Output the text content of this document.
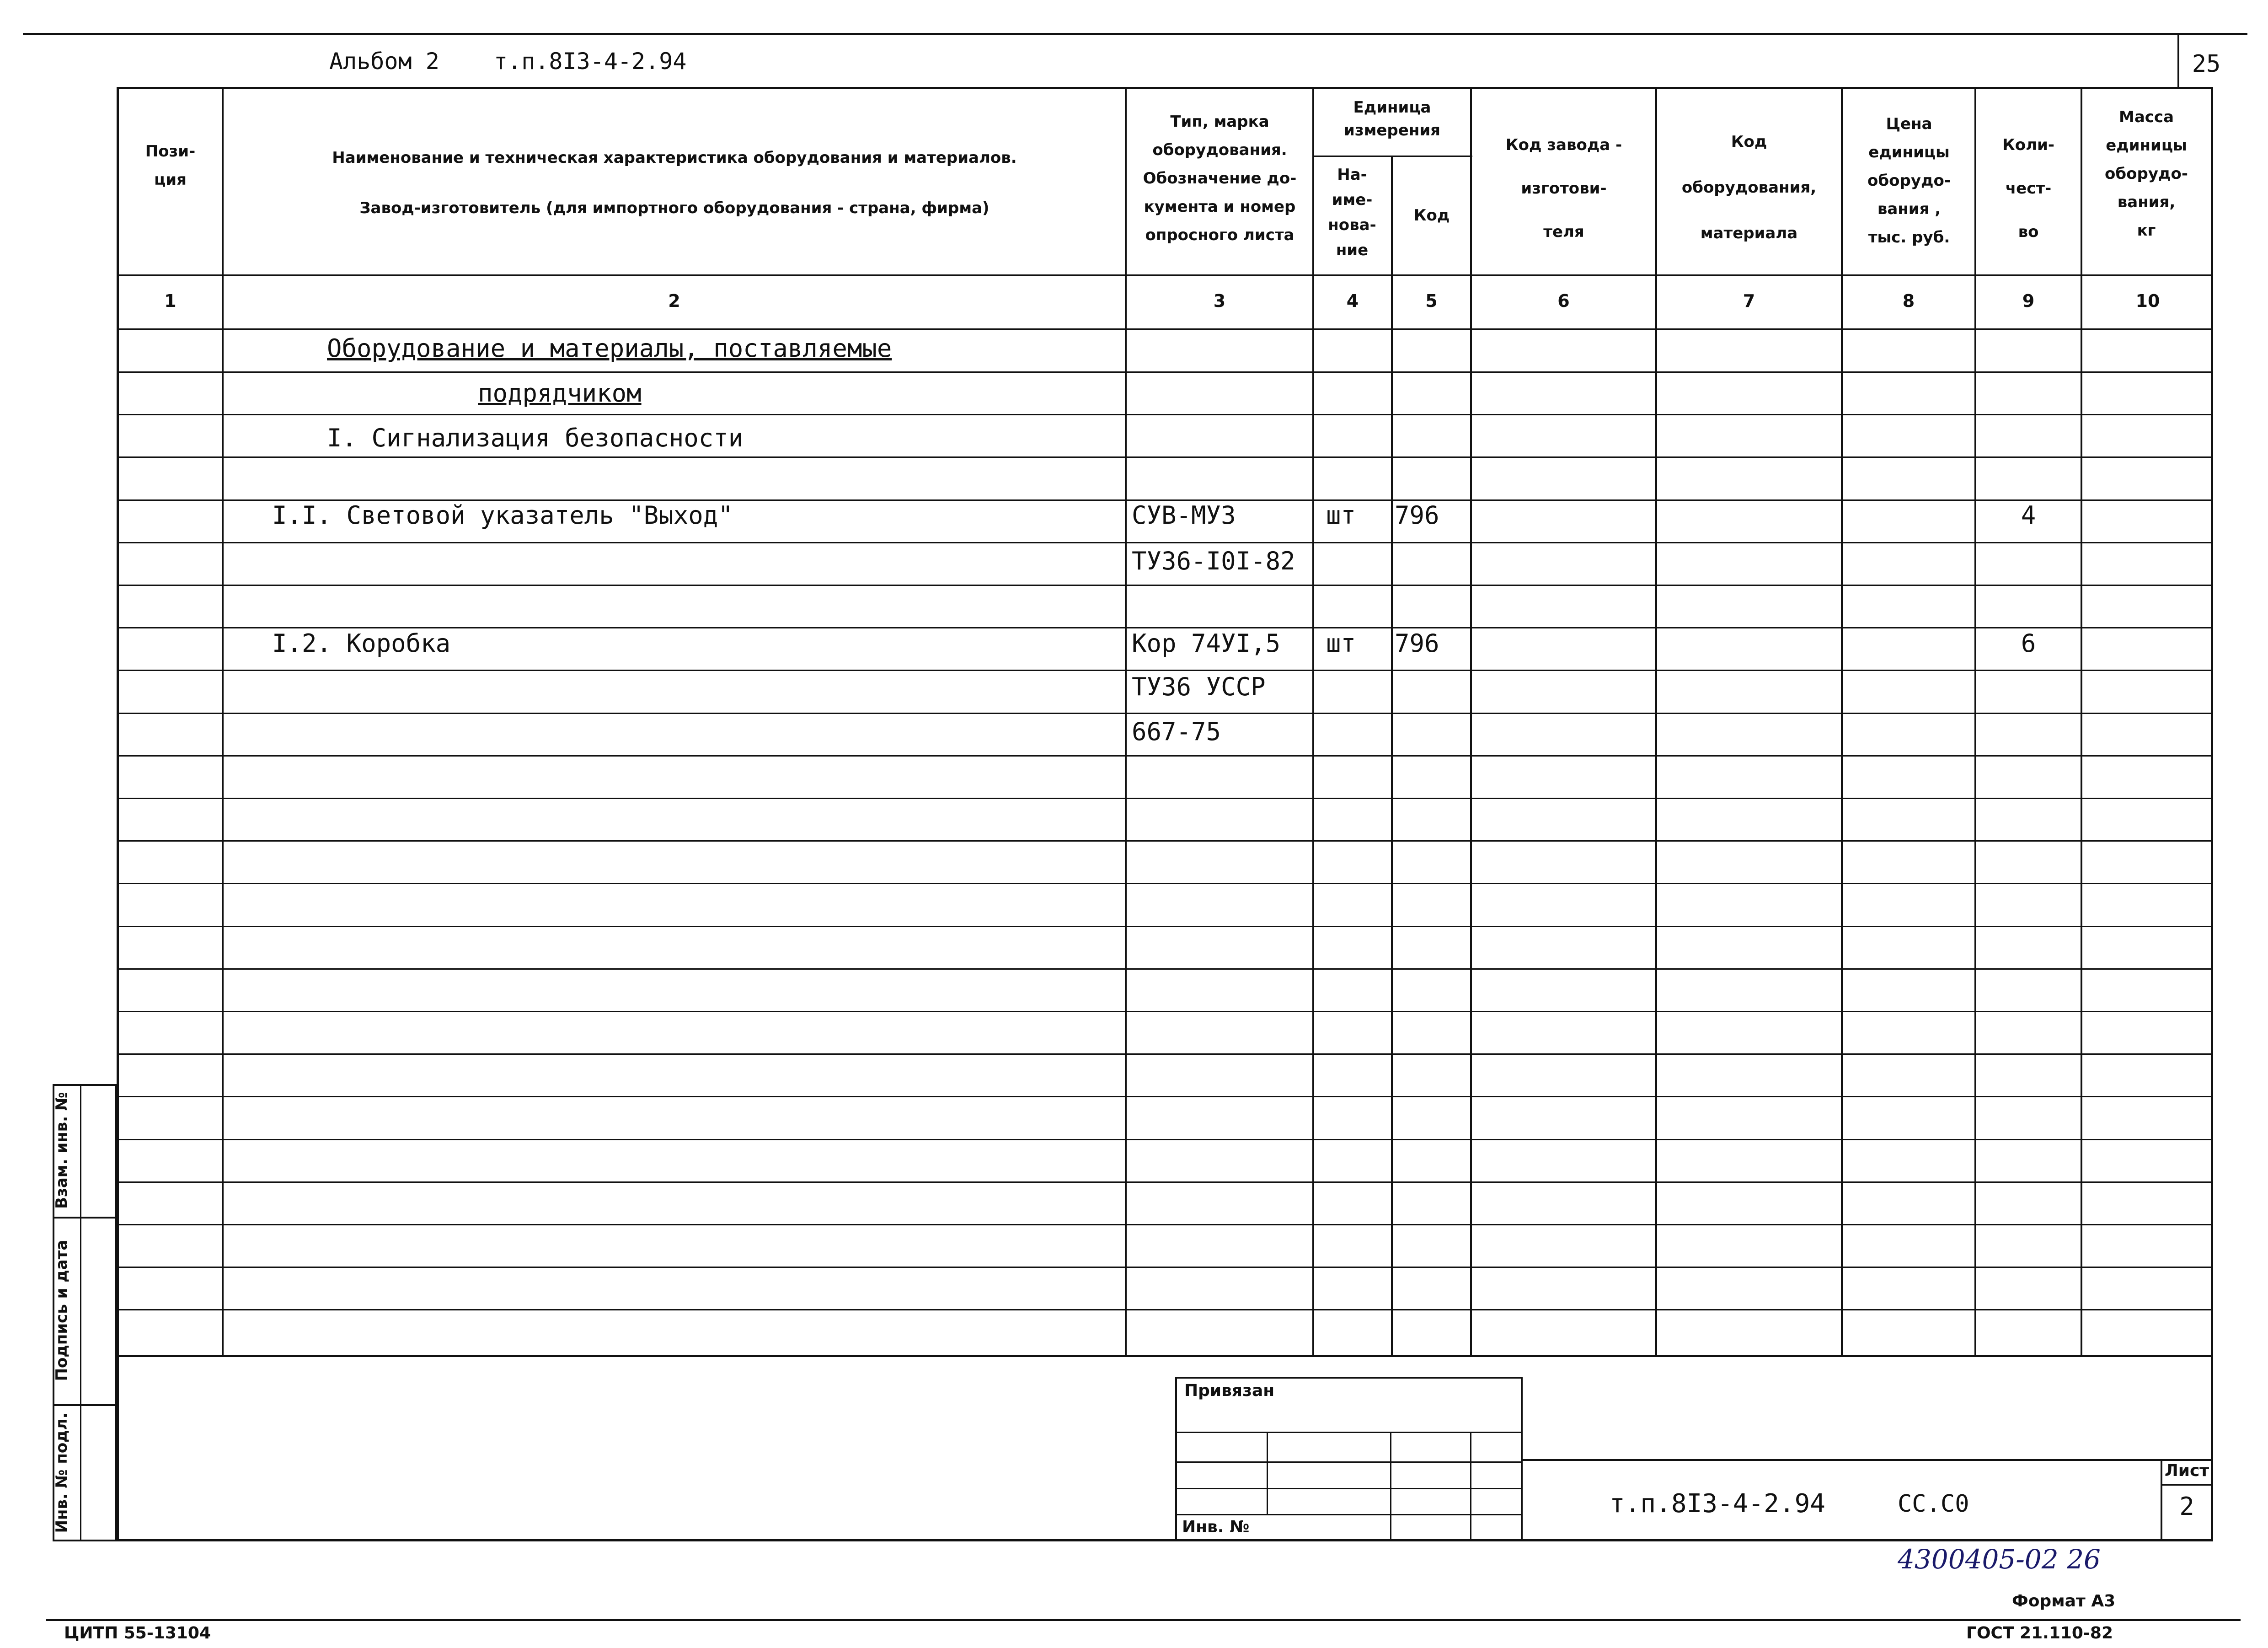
Альбом 2 т.п.8I3-4-2.94	25
Пози-
ция
Наименование и техническая характеристика оборудования и материалов.
Завод-изготовитель (для импортного оборудования - страна, фирма)
Тип, марка
оборудования.
Обозначение до-
кумента и номер
опросного листа
Единица
измерения
На-
име-
нова-
ние
Код
Код завода -
изготови-
теля
Код
оборудования,
материала
Цена
единицы
оборудо-
вания ,
тыс. руб.
Коли-
чест-
во
Масса
единицы
оборудо-
вания,
кг
1	2	3	4	5	6	7	8	9	10
Оборудование и материалы, поставляемые
подрядчиком
I. Сигнализация безопасности
I.I. Световой указатель "Выход"	СУВ-МУЗ	шт 796	4
ТУ36-I0I-82
I.2. Коробка	Кор 74УI,5 шт 796	6
ТУ36 УССР
667-75
Взам. инв. №
Подпись и дата
Инв. № подл.
Привязан
Инв. №
Лист
2
т.п.8I3-4-2.94	СС.С0
4300405-02 26
Формат А3
ЦИТП 55-13104	ГОСТ 21.110-82
